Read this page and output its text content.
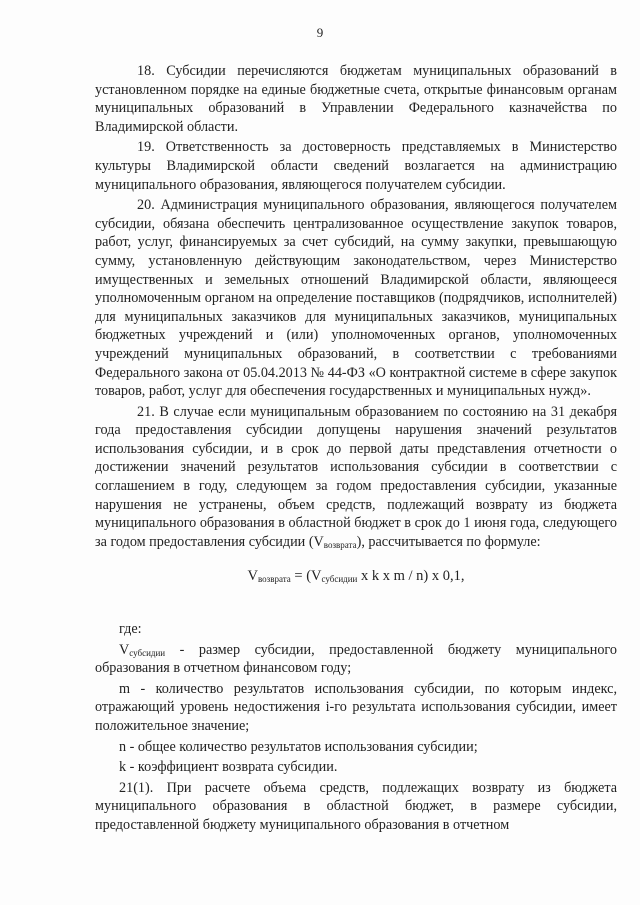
9

18. Субсидии перечисляются бюджетам муниципальных образований в установленном порядке на единые бюджетные счета, открытые финансовым органам муниципальных образований в Управлении Федерального казначейства по Владимирской области.

19. Ответственность за достоверность представляемых в Министерство культуры Владимирской области сведений возлагается на администрацию муниципального образования, являющегося получателем субсидии.

20. Администрация муниципального образования, являющегося получателем субсидии, обязана обеспечить централизованное осуществление закупок товаров, работ, услуг, финансируемых за счет субсидий, на сумму закупки, превышающую сумму, установленную действующим законодательством, через Министерство имущественных и земельных отношений Владимирской области, являющееся уполномоченным органом на определение поставщиков (подрядчиков, исполнителей) для муниципальных заказчиков для муниципальных заказчиков, муниципальных бюджетных учреждений и (или) уполномоченных органов, уполномоченных учреждений муниципальных образований, в соответствии с требованиями Федерального закона от 05.04.2013 № 44-ФЗ «О контрактной системе в сфере закупок товаров, работ, услуг для обеспечения государственных и муниципальных нужд».

21. В случае если муниципальным образованием по состоянию на 31 декабря года предоставления субсидии допущены нарушения значений результатов использования субсидии, и в срок до первой даты представления отчетности о достижении значений результатов использования субсидии в соответствии с соглашением в году, следующем за годом предоставления субсидии, указанные нарушения не устранены, объем средств, подлежащий возврату из бюджета муниципального образования в областной бюджет в срок до 1 июня года, следующего за годом предоставления субсидии $(V_{возврата})$, рассчитывается по формуле:

$V_{возврата} = (V_{субсидии}$ x k x m / n) x 0,1,

где:

$V_{субсидии}$ - размер субсидии, предоставленной бюджету муниципального образования в отчетном финансовом году;

m - количество результатов использования субсидии, по которым индекс, отражающий уровень недостижения i-го результата использования субсидии, имеет положительное значение;

n - общее количество результатов использования субсидии;

k - коэффициент возврата субсидии.

21(1). При расчете объема средств, подлежащих возврату из бюджета муниципального образования в областной бюджет, в размере субсидии, предоставленной бюджету муниципального образования в отчетном
